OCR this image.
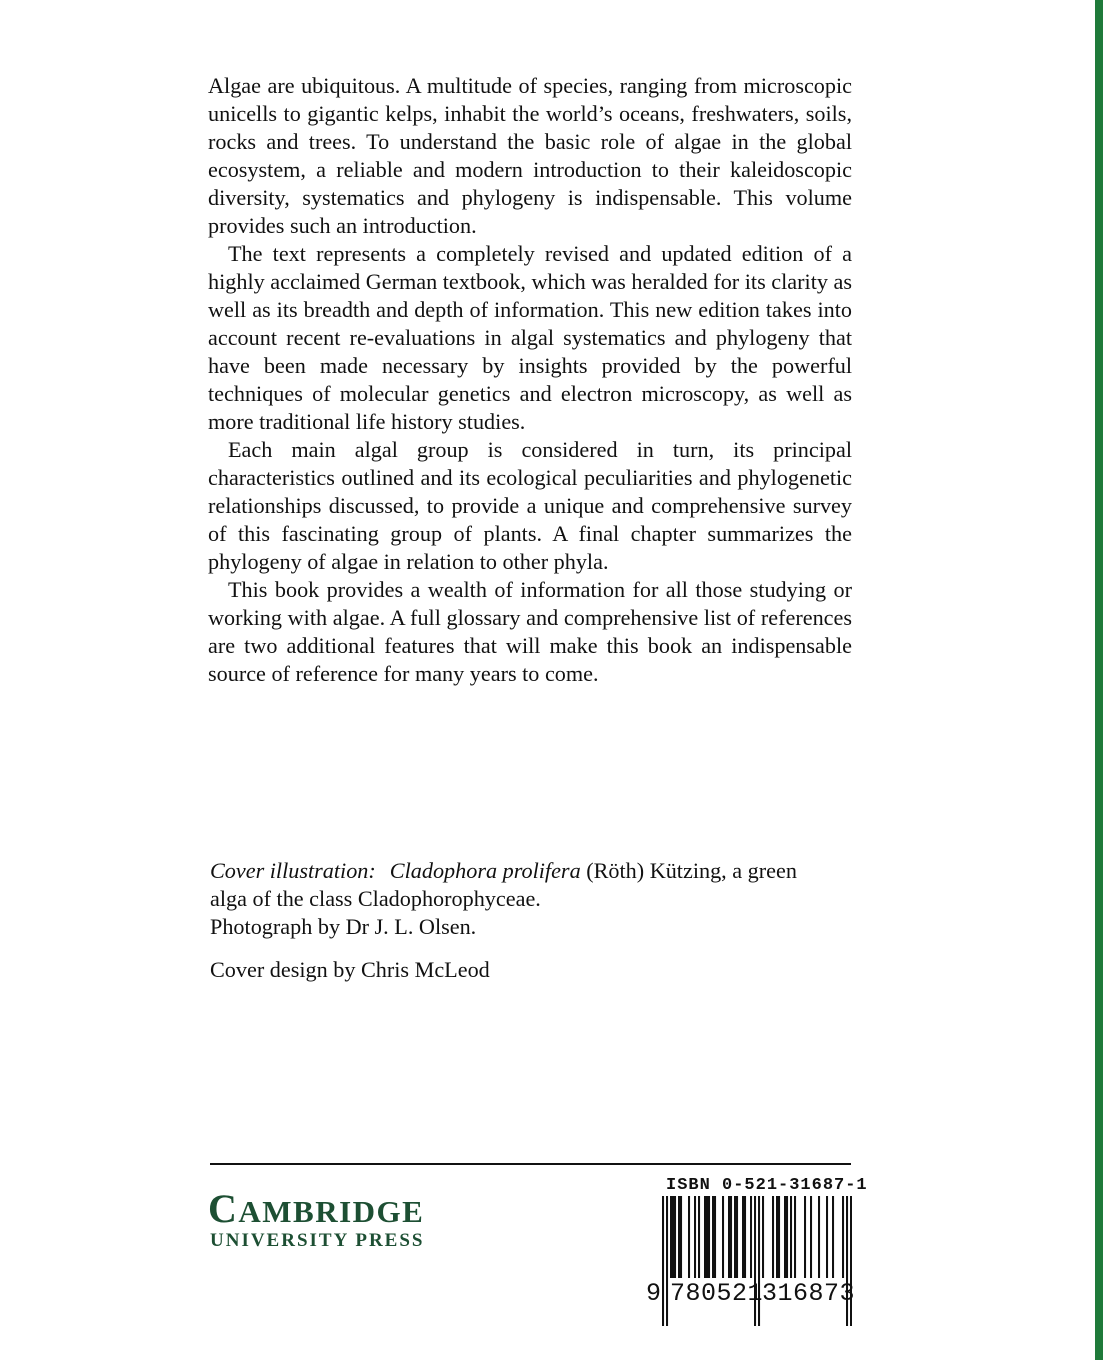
Algae are ubiquitous. A multitude of species, ranging from microscopic unicells to gigantic kelps, inhabit the world’s oceans, freshwaters, soils, rocks and trees. To understand the basic role of algae in the global ecosystem, a reliable and modern introduction to their kaleidoscopic diversity, systematics and phylogeny is indispensable. This volume provides such an introduction.

The text represents a completely revised and updated edition of a highly acclaimed German textbook, which was heralded for its clarity as well as its breadth and depth of information. This new edition takes into account recent re-evaluations in algal systematics and phylogeny that have been made necessary by insights provided by the powerful techniques of molecular genetics and electron microscopy, as well as more traditional life history studies.

Each main algal group is considered in turn, its principal characteristics outlined and its ecological peculiarities and phylogenetic relationships discussed, to provide a unique and comprehensive survey of this fascinating group of plants. A final chapter summarizes the phylogeny of algae in relation to other phyla.

This book provides a wealth of information for all those studying or working with algae. A full glossary and comprehensive list of references are two additional features that will make this book an indispensable source of reference for many years to come.

Cover illustration: Cladophora prolifera (Röth) Kützing, a green
alga of the class Cladophorophyceae.
Photograph by Dr J. L. Olsen.
Cover design by Chris McLeod
CAMBRIDGE
UNIVERSITY PRESS
ISBN 0-521-31687-1
9 780521316873
